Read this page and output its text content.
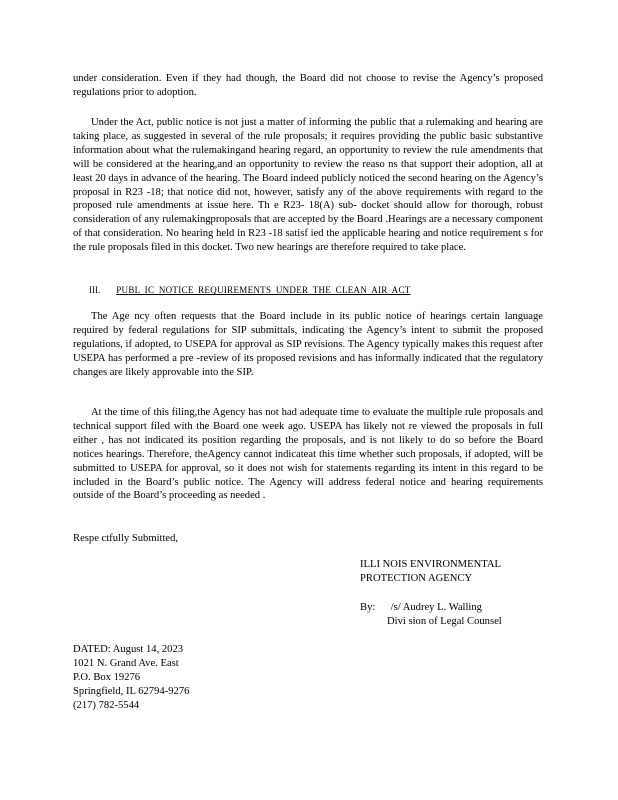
under consideration. Even if they had though, the Board did not choose to revise the Agency’s proposed regulations prior to adoption.

Under the Act, public notice is not just a matter of informing the public that a rulemaking and hearing are taking place, as suggested in several of the rule proposals; it requires providing the public basic substantive information about what the rulemakingand hearing regard, an opportunity to review the rule amendments that will be considered at the hearing,and an opportunity to review the reaso ns that support their adoption, all at least 20 days in advance of the hearing. The Board indeed publicly noticed the second hearing on the Agency’s proposal in R23 -18; that notice did not, however, satisfy any of the above requirements with regard to the proposed rule amendments at issue here. Th e R23- 18(A) sub- docket should allow for thorough, robust consideration of any rulemakingproposals that are accepted by the Board .Hearings are a necessary component of that consideration. No hearing held in R23 -18 satisf ied the applicable hearing and notice requirement s for the rule proposals filed in this docket. Two new hearings are therefore required to take place.

III. PUBL IC NOTICE REQUIREMENTS UNDER THE CLEAN AIR ACT

The Age ncy often requests that the Board include in its public notice of hearings certain language required by federal regulations for SIP submittals, indicating the Agency’s intent to submit the proposed regulations, if adopted, to USEPA for approval as SIP revisions. The Agency typically makes this request after USEPA has performed a pre -review of its proposed revisions and has informally indicated that the regulatory changes are likely approvable into the SIP.

At the time of this filing,the Agency has not had adequate time to evaluate the multiple rule proposals and technical support filed with the Board one week ago. USEPA has likely not re viewed the proposals in full either , has not indicated its position regarding the proposals, and is not likely to do so before the Board notices hearings. Therefore, theAgency cannot indicateat this time whether such proposals, if adopted, will be submitted to USEPA for approval, so it does not wish for statements regarding its intent in this regard to be included in the Board’s public notice. The Agency will address federal notice and hearing requirements outside of the Board’s proceeding as needed .

Respe ctfully Submitted,

ILLI NOIS ENVIRONMENTAL
PROTECTION AGENCY
By: /s/ Audrey L. Walling
Divi sion of Legal Counsel
DATED: August 14, 2023
1021 N. Grand Ave. East
P.O. Box 19276
Springfield, IL 62794-9276
(217) 782-5544
